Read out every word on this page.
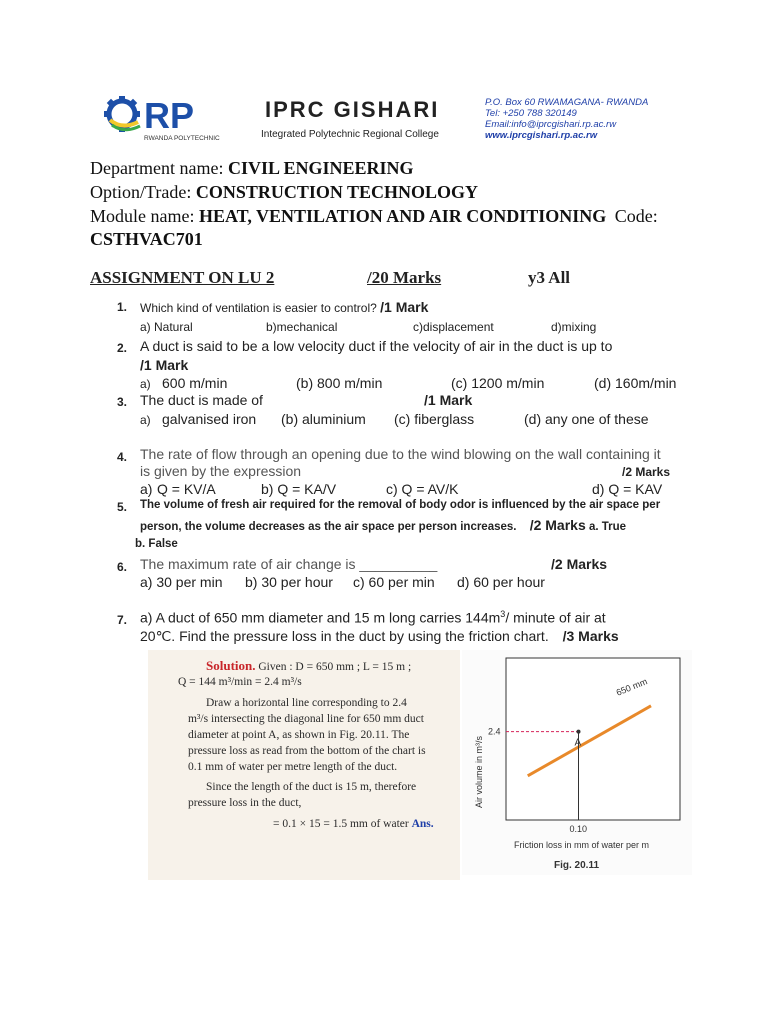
RP
RWANDA POLYTECHNIC
IPRC GISHARI
Integrated Polytechnic Regional College
P.O. Box 60 RWAMAGANA- RWANDA
Tel: +250 788 320149
Email:info@iprcgishari.rp.ac.rw
www.iprcgishari.rp.ac.rw
Department name: CIVIL ENGINEERING
Option/Trade: CONSTRUCTION TECHNOLOGY
Module name: HEAT, VENTILATION AND AIR CONDITIONING Code:
CSTHVAC701
ASSIGNMENT ON LU 2	/20 Marks	y3 All
1. Which kind of ventilation is easier to control? /1 Mark
a) Natural	b)mechanical	c)displacement	d)mixing
2. A duct is said to be a low velocity duct if the velocity of air in the duct is up to
/1 Mark
a) 600 m/min	(b) 800 m/min	(c) 1200 m/min	(d) 160m/min
3. The duct is made of	/1 Mark
a) galvanised iron (b) aluminium (c) fiberglass	(d) any one of these
4. The rate of flow through an opening due to the wind blowing on the wall containing it
is given by the expression	/2 Marks
a) Q = KV/A	b) Q = KA/V	c) Q = AV/K	d) Q = KAV
5. The volume of fresh air required for the removal of body odor is influenced by the air space per
person, the volume decreases as the air space per person increases. /2 Marks a. True
b. False
6. The maximum rate of air change is __________	/2 Marks
a) 30 per min b) 30 per hour c) 60 per min d) 60 per hour
7. a) A duct of 650 mm diameter and 15 m long carries $144m^3/$ minute of air at
20℃. Find the pressure loss in the duct by using the friction chart. /3 Marks
Solution. Given : D = 650 mm ; L = 15 m ;
Q = 144 m³/min = 2.4 m³/s
Draw a horizontal line corresponding to 2.4
m³/s intersecting the diagonal line for 650 mm duct
diameter at point A, as shown in Fig. 20.11. The
pressure loss as read from the bottom of the chart is
0.1 mm of water per metre length of the duct.
Since the length of the duct is 15 m, therefore
pressure loss in the duct,
= 0.1 × 15 = 1.5 mm of water Ans.
650 mm
A
2.4
0.10
Air volume in m³/s
Friction loss in mm of water per m
Fig. 20.11
